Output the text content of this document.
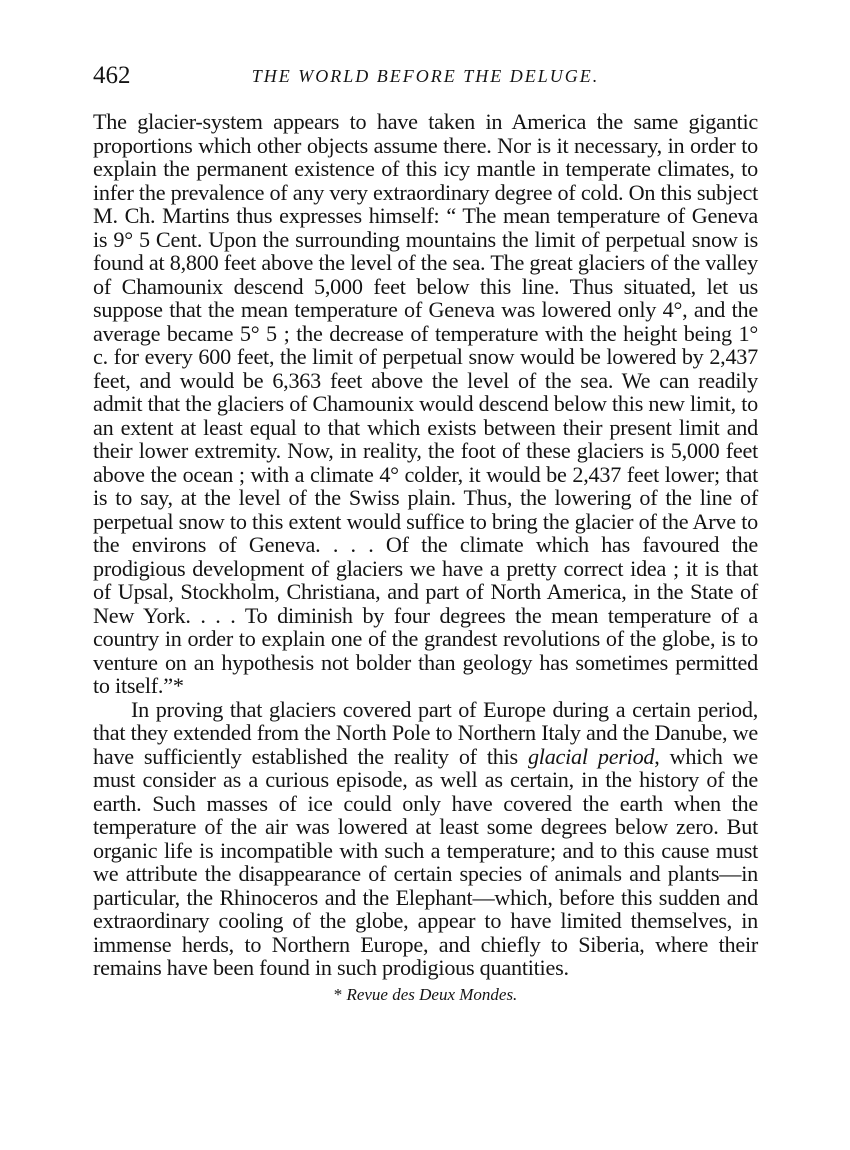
462	THE WORLD BEFORE THE DELUGE.

The glacier-system appears to have taken in America the same gigantic proportions which other objects assume there. Nor is it necessary, in order to explain the permanent existence of this icy mantle in temperate climates, to infer the prevalence of any very extraordinary degree of cold. On this subject M. Ch. Martins thus expresses himself: “ The mean temperature of Geneva is 9° 5 Cent. Upon the surrounding mountains the limit of perpetual snow is found at 8,800 feet above the level of the sea. The great glaciers of the valley of Chamounix descend 5,000 feet below this line. Thus situated, let us suppose that the mean temperature of Geneva was lowered only 4°, and the average became 5° 5 ; the decrease of temperature with the height being 1° c. for every 600 feet, the limit of perpetual snow would be lowered by 2,437 feet, and would be 6,363 feet above the level of the sea. We can readily admit that the glaciers of Chamounix would descend below this new limit, to an extent at least equal to that which exists between their present limit and their lower extremity. Now, in reality, the foot of these glaciers is 5,000 feet above the ocean ; with a climate 4° colder, it would be 2,437 feet lower; that is to say, at the level of the Swiss plain. Thus, the lowering of the line of perpetual snow to this extent would suffice to bring the glacier of the Arve to the environs of Geneva. . . . Of the climate which has favoured the prodigious development of glaciers we have a pretty correct idea ; it is that of Upsal, Stockholm, Christiana, and part of North America, in the State of New York. . . . To diminish by four degrees the mean temperature of a country in order to explain one of the grandest revolutions of the globe, is to venture on an hypothesis not bolder than geology has sometimes permitted to itself.”*

In proving that glaciers covered part of Europe during a certain period, that they extended from the North Pole to Northern Italy and the Danube, we have sufficiently established the reality of this glacial period, which we must consider as a curious episode, as well as certain, in the history of the earth. Such masses of ice could only have covered the earth when the temperature of the air was lowered at least some degrees below zero. But organic life is incompatible with such a temperature; and to this cause must we attribute the disappearance of certain species of animals and plants—in particular, the Rhinoceros and the Elephant—which, before this sudden and extraordinary cooling of the globe, appear to have limited themselves, in immense herds, to Northern Europe, and chiefly to Siberia, where their remains have been found in such prodigious quantities.

* Revue des Deux Mondes.
